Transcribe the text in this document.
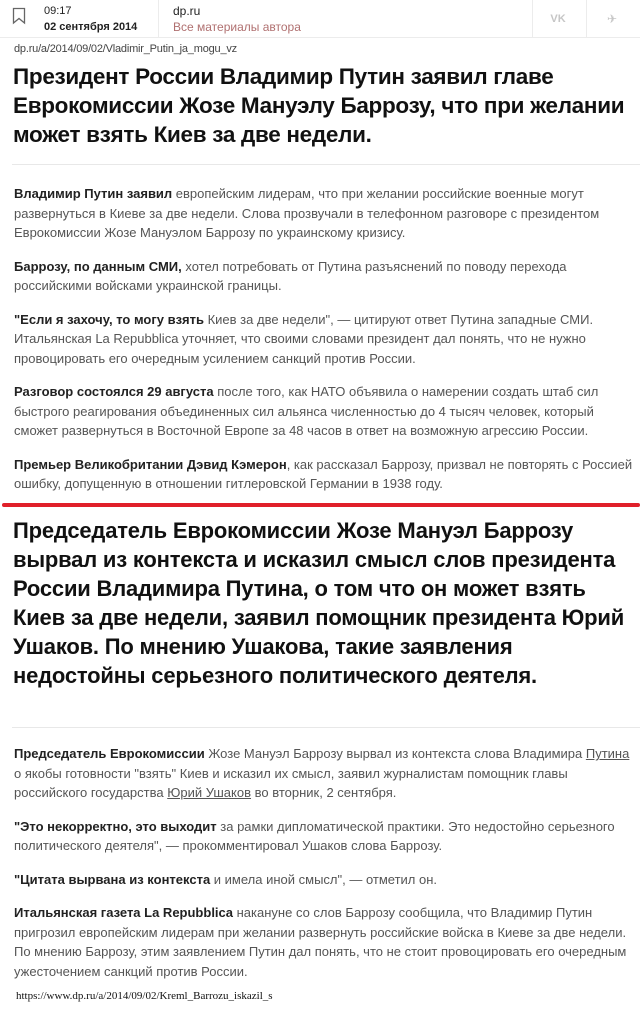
09:17
02 сентября 2014
dp.ru
Все материалы автора
VK	✈
dp.ru/a/2014/09/02/Vladimir_Putin_ja_mogu_vz
Президент России Владимир Путин заявил главе Еврокомиссии Жозе Мануэлу Баррозу, что при желании может взять Киев за две недели.

Владимир Путин заявил европейским лидерам, что при желании российские военные могут развернуться в Киеве за две недели. Слова прозвучали в телефонном разговоре с президентом Еврокомиссии Жозе Мануэлом Баррозу по украинскому кризису.

Баррозу, по данным СМИ, хотел потребовать от Путина разъяснений по поводу перехода российскими войсками украинской границы.

"Если я захочу, то могу взять Киев за две недели", — цитируют ответ Путина западные СМИ. Итальянская La Repubblica уточняет, что своими словами президент дал понять, что не нужно провоцировать его очередным усилением санкций против России.

Разговор состоялся 29 августа после того, как НАТО объявила о намерении создать штаб сил быстрого реагирования объединенных сил альянса численностью до 4 тысяч человек, который сможет развернуться в Восточной Европе за 48 часов в ответ на возможную агрессию России.

Премьер Великобритании Дэвид Кэмерон, как рассказал Баррозу, призвал не повторять с Россией ошибку, допущенную в отношении гитлеровской Германии в 1938 году.

Председатель Еврокомиссии Жозе Мануэл Баррозу вырвал из контекста и исказил смысл слов президента России Владимира Путина, о том что он может взять Киев за две недели, заявил помощник президента Юрий Ушаков. По мнению Ушакова, такие заявления недостойны серьезного политического деятеля.

Председатель Еврокомиссии Жозе Мануэл Баррозу вырвал из контекста слова Владимира Путина о якобы готовности "взять" Киев и исказил их смысл, заявил журналистам помощник главы российского государства Юрий Ушаков во вторник, 2 сентября.

"Это некорректно, это выходит за рамки дипломатической практики. Это недостойно серьезного политического деятеля", — прокомментировал Ушаков слова Баррозу.

"Цитата вырвана из контекста и имела иной смысл", — отметил он.

Итальянская газета La Repubblica накануне со слов Баррозу сообщила, что Владимир Путин пригрозил европейским лидерам при желании развернуть российские войска в Киеве за две недели. По мнению Баррозу, этим заявлением Путин дал понять, что не стоит провоцировать его очередным ужесточением санкций против России.

https://www.dp.ru/a/2014/09/02/Kreml_Barrozu_iskazil_s
